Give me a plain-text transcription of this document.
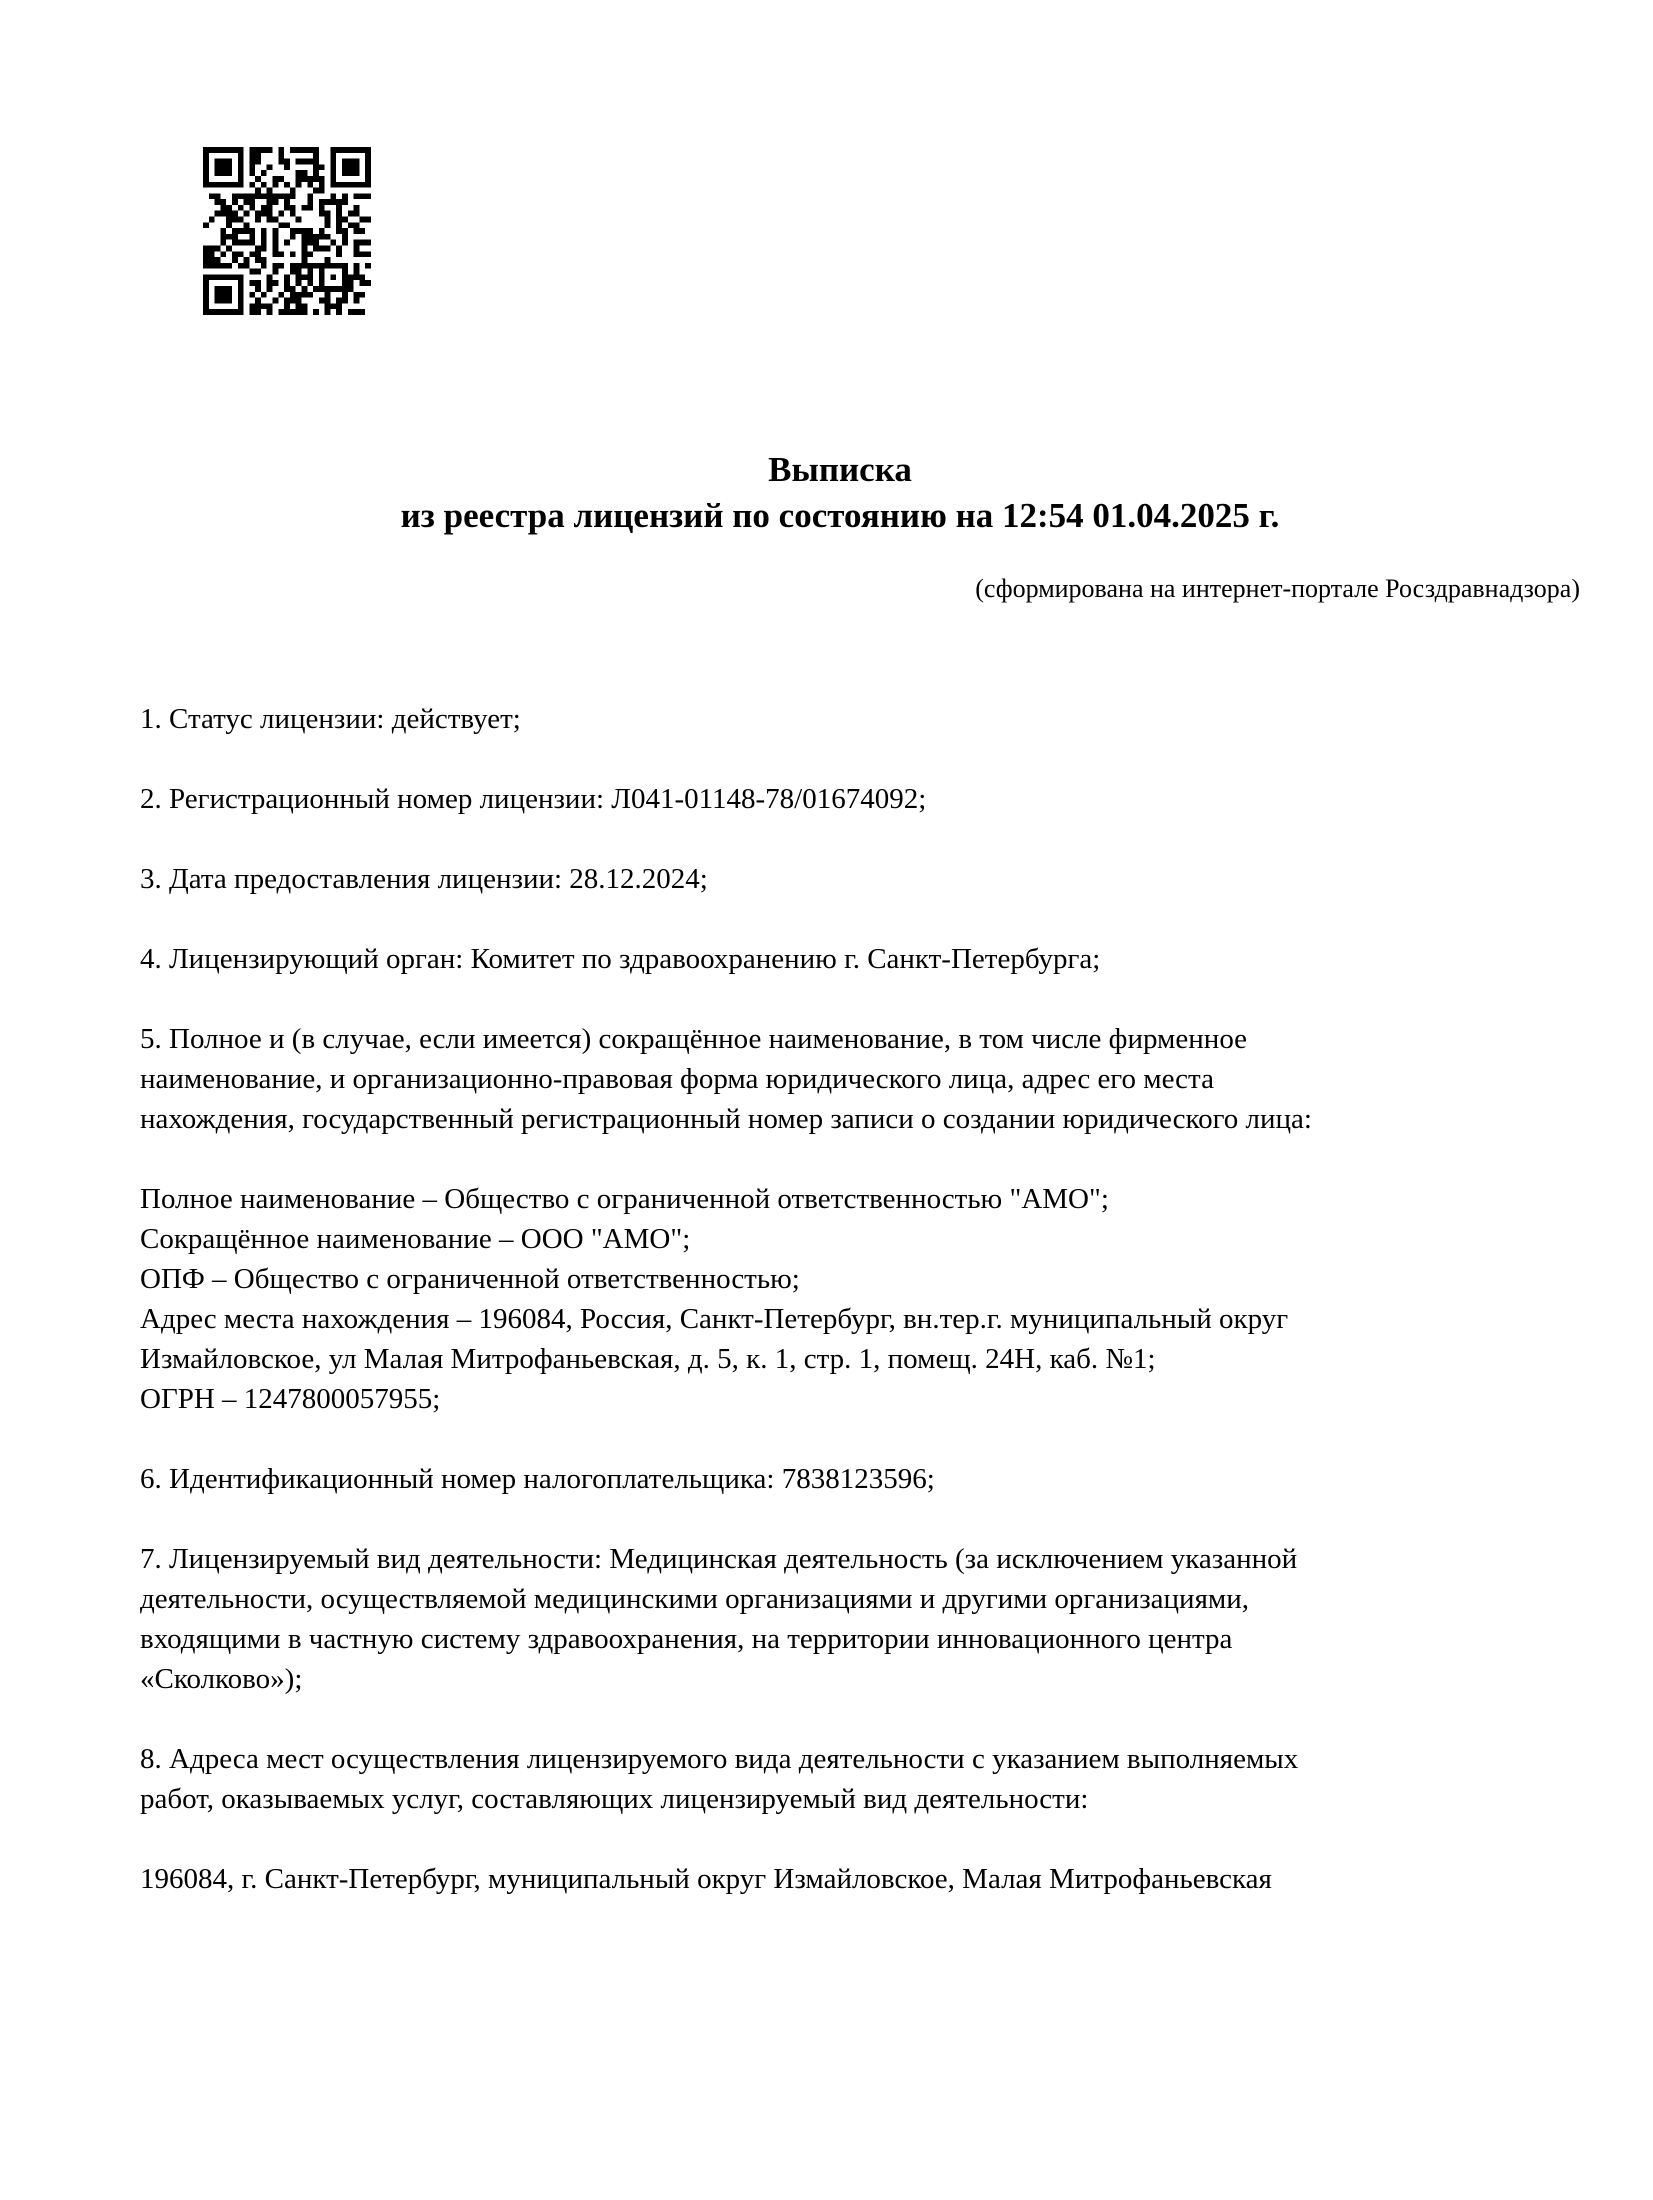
Выписка
из реестра лицензий по состоянию на 12:54 01.04.2025 г.
(сформирована на интернет-портале Росздравнадзора)
1. Статус лицензии: действует;
2. Регистрационный номер лицензии: Л041-01148-78/01674092;
3. Дата предоставления лицензии: 28.12.2024;
4. Лицензирующий орган: Комитет по здравоохранению г. Санкт-Петербурга;
5. Полное и (в случае, если имеется) сокращённое наименование, в том числе фирменное
наименование, и организационно-правовая форма юридического лица, адрес его места
нахождения, государственный регистрационный номер записи о создании юридического лица:
Полное наименование – Общество с ограниченной ответственностью "АМО";
Сокращённое наименование – ООО "АМО";
ОПФ – Общество с ограниченной ответственностью;
Адрес места нахождения – 196084, Россия, Санкт-Петербург, вн.тер.г. муниципальный округ
Измайловское, ул Малая Митрофаньевская, д. 5, к. 1, стр. 1, помещ. 24Н, каб. №1;
ОГРН – 1247800057955;
6. Идентификационный номер налогоплательщика: 7838123596;
7. Лицензируемый вид деятельности: Медицинская деятельность (за исключением указанной
деятельности, осуществляемой медицинскими организациями и другими организациями,
входящими в частную систему здравоохранения, на территории инновационного центра
«Сколково»);
8. Адреса мест осуществления лицензируемого вида деятельности с указанием выполняемых
работ, оказываемых услуг, составляющих лицензируемый вид деятельности:
196084, г. Санкт-Петербург, муниципальный округ Измайловское, Малая Митрофаньевская
